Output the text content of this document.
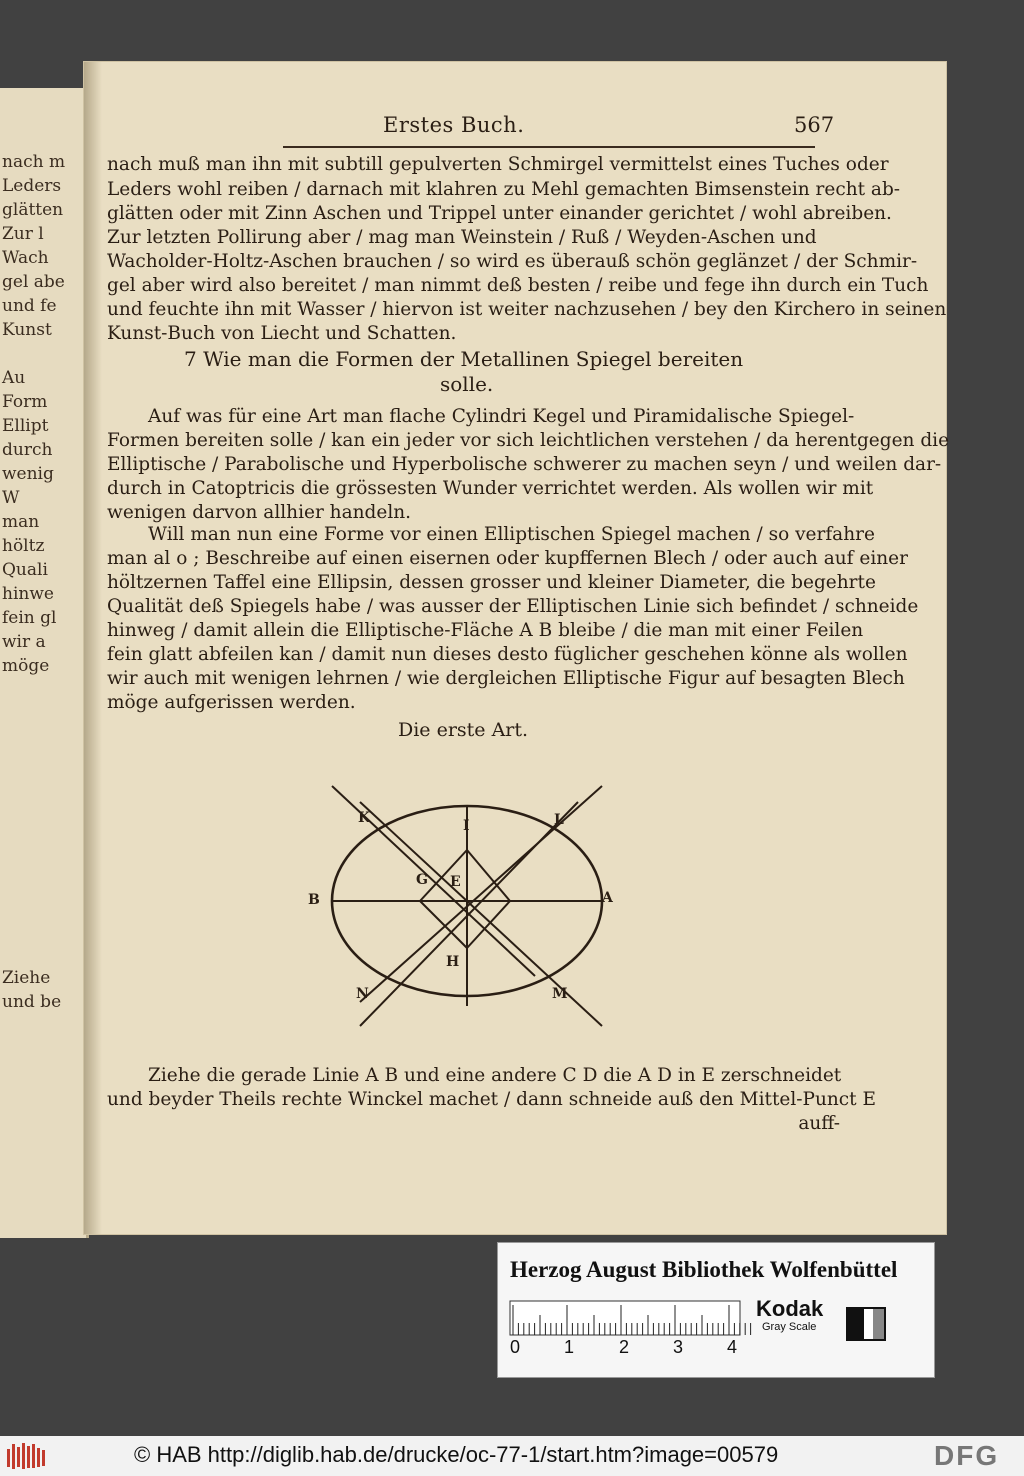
nach m
Leders
glätten
Zur l
Wach
gel abe
und fe
Kunst
Au
Form
Ellipt
durch
wenig
W
man
höltz
Quali
hinwe
fein gl
wir a
möge
Ziehe
und be
Erstes Buch.	567
nach muß man ihn mit subtill gepulverten Schmirgel vermittelst eines Tuches oder
Leders wohl reiben / darnach mit klahren zu Mehl gemachten Bimsenstein recht ab-
glätten oder mit Zinn Aschen und Trippel unter einander gerichtet / wohl abreiben.
Zur letzten Pollirung aber / mag man Weinstein / Ruß / Weyden-Aschen und
Wacholder-Holtz-Aschen brauchen / so wird es überauß schön geglänzet / der Schmir-
gel aber wird also bereitet / man nimmt deß besten / reibe und fege ihn durch ein Tuch
und feuchte ihn mit Wasser / hiervon ist weiter nachzusehen / bey den Kirchero in seinen
Kunst-Buch von Liecht und Schatten.
7 Wie man die Formen der Metallinen Spiegel bereiten
solle.
Auf was für eine Art man flache Cylindri Kegel und Piramidalische Spiegel-
Formen bereiten solle / kan ein jeder vor sich leichtlichen verstehen / da herentgegen die
Elliptische / Parabolische und Hyperbolische schwerer zu machen seyn / und weilen dar-
durch in Catoptricis die grössesten Wunder verrichtet werden. Als wollen wir mit
wenigen darvon allhier handeln.
Will man nun eine Forme vor einen Elliptischen Spiegel machen / so verfahre
man al o ; Beschreibe auf einen eisernen oder kupffernen Blech / oder auch auf einer
höltzernen Taffel eine Ellipsin, dessen grosser und kleiner Diameter, die begehrte
Qualität deß Spiegels habe / was ausser der Elliptischen Linie sich befindet / schneide
hinweg / damit allein die Elliptische-Fläche A B bleibe / die man mit einer Feilen
fein glatt abfeilen kan / damit nun dieses desto füglicher geschehen könne als wollen
wir auch mit wenigen lehrnen / wie dergleichen Elliptische Figur auf besagten Blech
möge aufgerissen werden.
Die erste Art.
K	L
I
G E
B	A
H
N	M
Ziehe die gerade Linie A B und eine andere C D die A D in E zerschneidet
und beyder Theils rechte Winckel machet / dann schneide auß den Mittel-Punct E
auff-
Herzog August Bibliothek Wolfenbüttel
0 1 2 3 4
Kodak
Gray Scale
© HAB http://diglib.hab.de/drucke/oc-77-1/start.htm?image=00579	DFG
